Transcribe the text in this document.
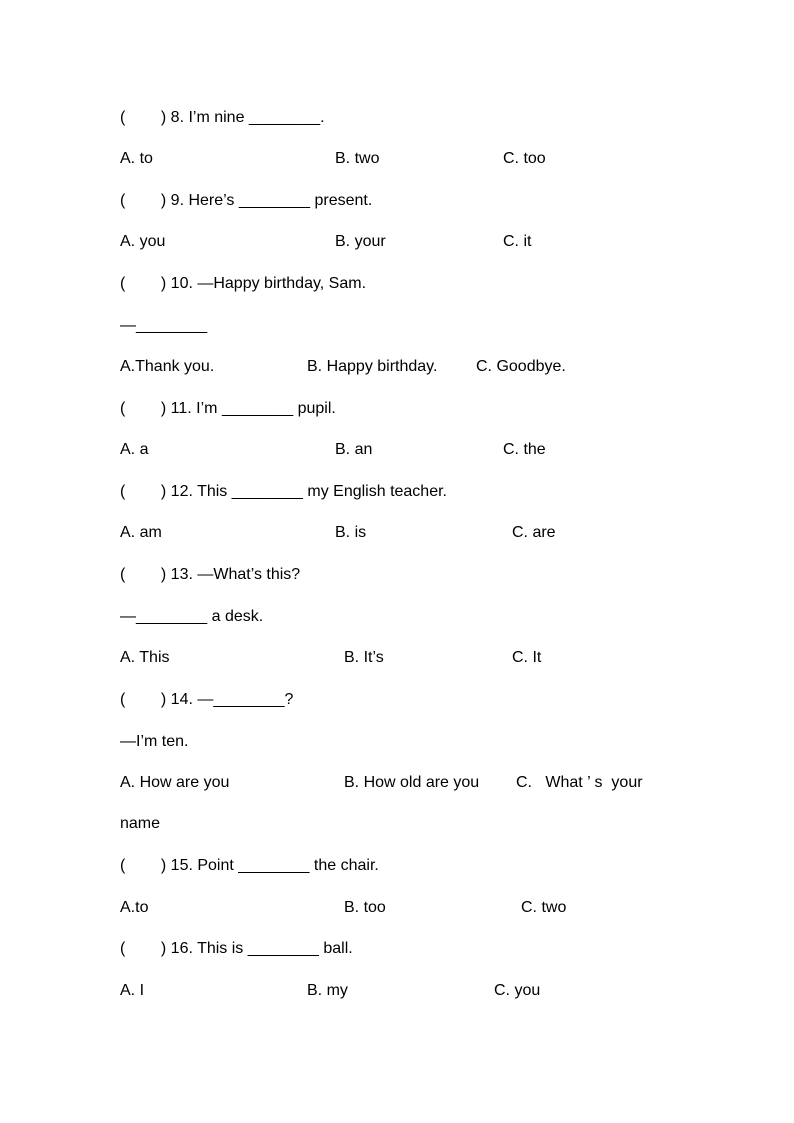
(        ) 8. I’m nine ________.
A. to	B. two	C. too
(        ) 9. Here’s ________ present.
A. you	B. your	C. it
(        ) 10. —Happy birthday, Sam.
—________
A.Thank you.	B. Happy birthday. C. Goodbye.
(        ) 11. I’m ________ pupil.
A. a	B. an	C. the
(        ) 12. This ________ my English teacher.
A. am	B. is	C. are
(        ) 13. —What’s this?
—________ a desk.
A. This	B. It’s	C. It
(        ) 14. —________?
—I’m ten.
A. How are you	B. How old are you C.   What ’ s  your
name
(        ) 15. Point ________ the chair.
A.to	B. too	C. two
(        ) 16. This is ________ ball.
A. I	B. my	C. you
